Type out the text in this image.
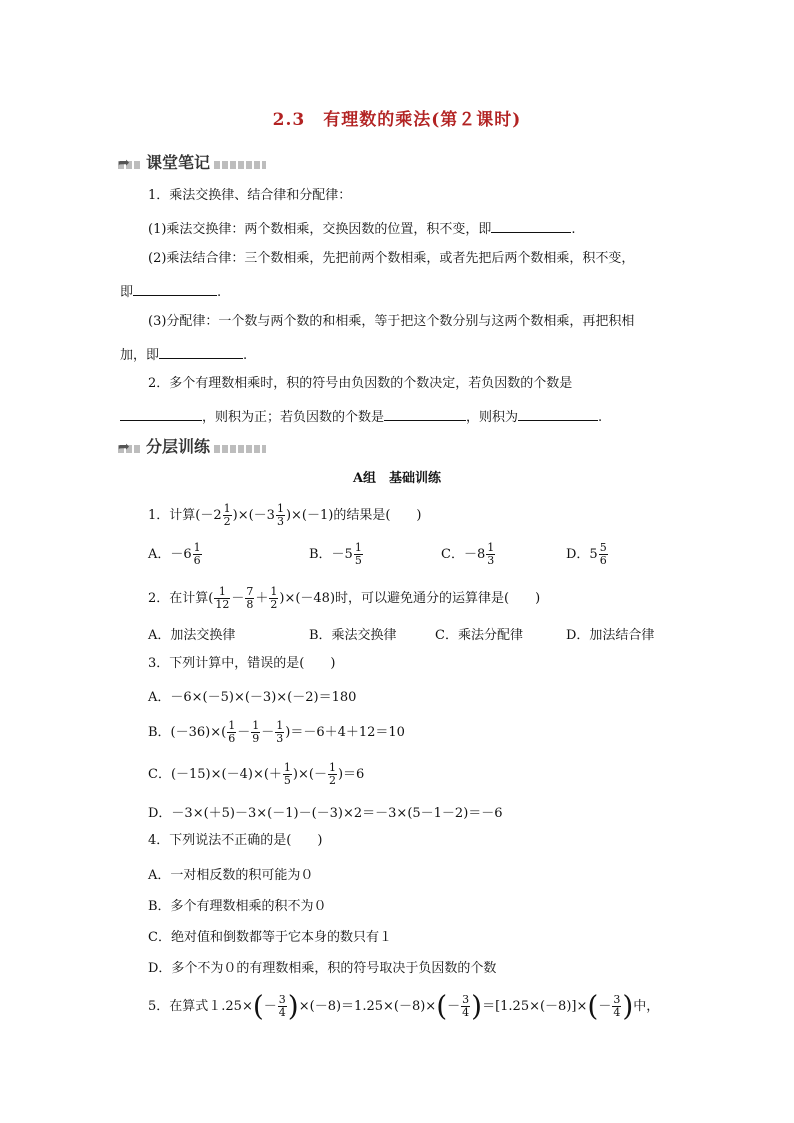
2.3　有理数的乘法(第２课时)
➦ 课堂笔记
1．乘法交换律、结合律和分配律：
(1)乘法交换律：两个数相乘，交换因数的位置，积不变，即	.
(2)乘法结合律：三个数相乘，先把前两个数相乘，或者先把后两个数相乘，积不变，
即	.
(3)分配律：一个数与两个数的和相乘，等于把这个数分别与这两个数相乘，再把积相
加，即	.
2．多个有理数相乘时，积的符号由负因数的个数决定，若负因数的个数是
，则积为正；若负因数的个数是	，则积为	.
➦ 分层训练
A组　基础训练
1．计算$(-2 \frac{1}{2} )\times(-3 \frac{1}{3} )\times(-1)$的结果是(　　)
A．$-6 \frac{1}{6}$	B．$-5 \frac{1}{5}$	C．$-8 \frac{1}{3}$	D．$5 \frac{5}{6}$
2．在计算( $\frac{1}{12} - \frac{7}{8} + \frac{1}{2} )\times(-48)$时，可以避免通分的运算律是(　　)
A．加法交换律	B．乘法交换律	C．乘法分配律	D．加法结合律
3．下列计算中，错误的是(　　)
A．－6×(－5)×(－3)×(－2)＝180
B．$(-36)\times( \frac{1}{6} - \frac{1}{9} - \frac{1}{3} )=-6+4+12=10$
C．$(-15)\times(-4)\times(+ \frac{1}{5}$ )×(－ $\frac{1}{2} )=6$
D．－3×(＋5)－3×(－1)－(－3)×2＝－3×(5－1－2)＝－6
4．下列说法不正确的是(　　)
A．一对相反数的积可能为０
B．多个有理数相乘的积不为０
C．绝对值和倒数都等于它本身的数只有１
D．多个不为０的有理数相乘，积的符号取决于负因数的个数
5．在算式$1.25\times(- \frac{3}{4} )\times(-8)=1.25\times(-8)\times(- \frac{3}{4} )=[1.25\times(-8)]\times(- \frac{3}{4}$ )中，
